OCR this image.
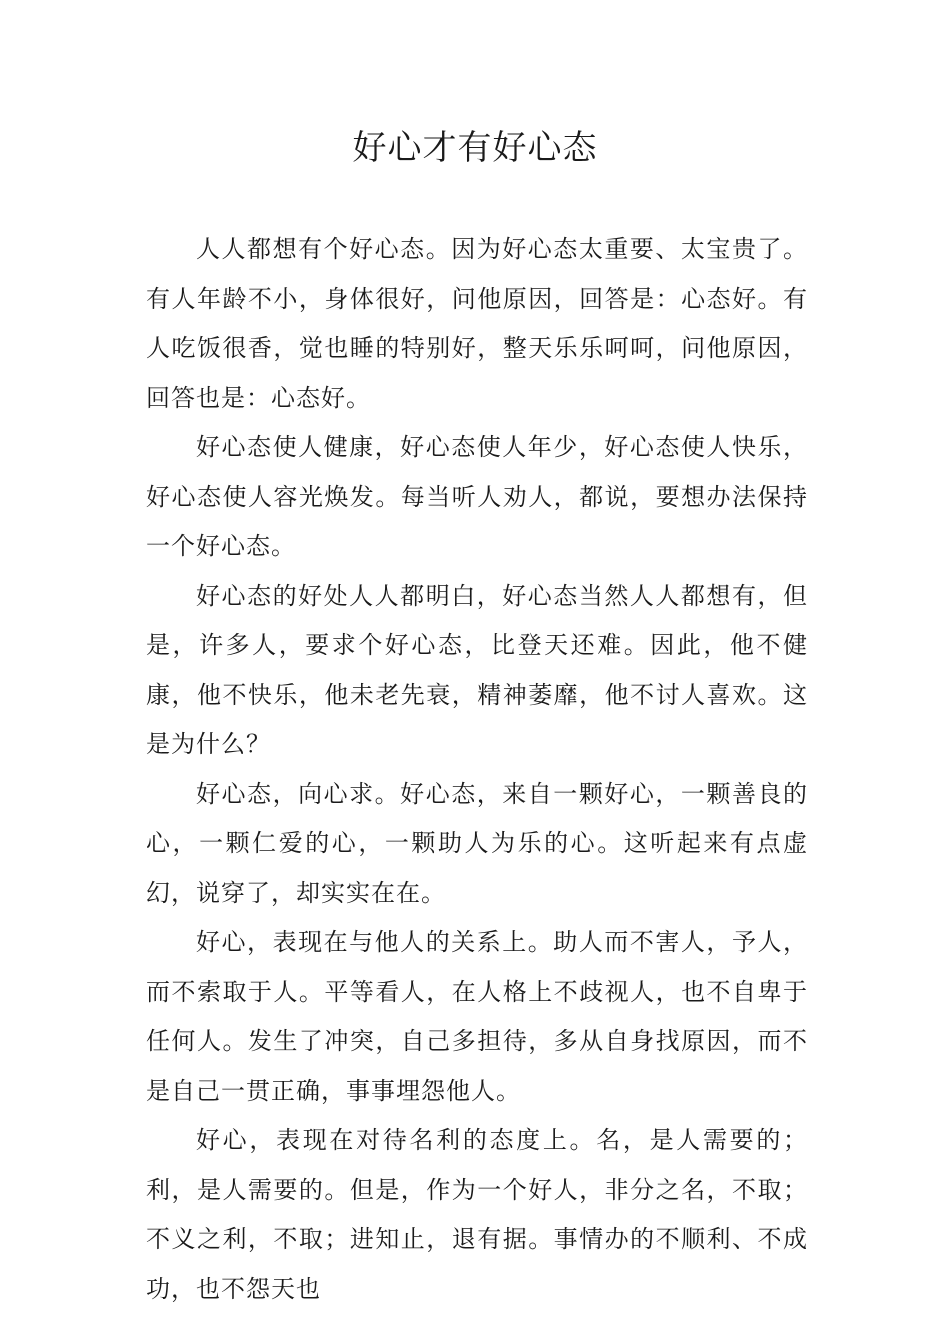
好心才有好心态

人人都想有个好心态。因为好心态太重要、太宝贵了。有人年龄不小，身体很好，问他原因，回答是：心态好。有人吃饭很香，觉也睡的特别好，整天乐乐呵呵，问他原因，回答也是：心态好。

好心态使人健康，好心态使人年少，好心态使人快乐，好心态使人容光焕发。每当听人劝人，都说，要想办法保持一个好心态。

好心态的好处人人都明白，好心态当然人人都想有，但是，许多人，要求个好心态，比登天还难。因此，他不健康，他不快乐，他未老先衰，精神萎靡，他不讨人喜欢。这是为什么？

好心态，向心求。好心态，来自一颗好心，一颗善良的心，一颗仁爱的心，一颗助人为乐的心。这听起来有点虚幻，说穿了，却实实在在。

好心，表现在与他人的关系上。助人而不害人，予人，而不索取于人。平等看人，在人格上不歧视人，也不自卑于任何人。发生了冲突，自己多担待，多从自身找原因，而不是自己一贯正确，事事埋怨他人。

好心，表现在对待名利的态度上。名，是人需要的；利，是人需要的。但是，作为一个好人，非分之名，不取；不义之利，不取；进知止，退有据。事情办的不顺利、不成功，也不怨天也
